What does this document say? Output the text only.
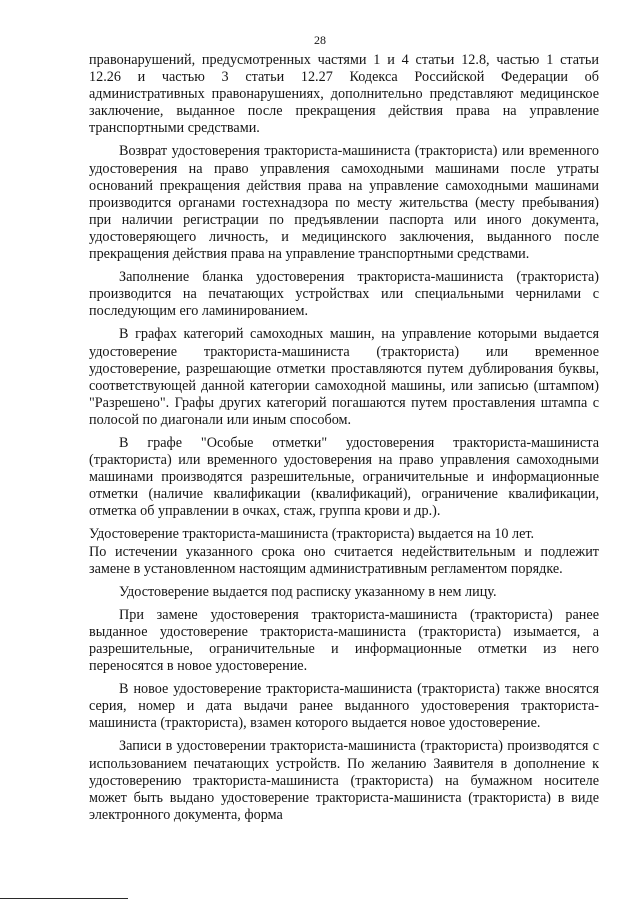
28

правонарушений, предусмотренных частями 1 и 4 статьи 12.8, частью 1 статьи 12.26 и частью 3 статьи 12.27 Кодекса Российской Федерации об административных правонарушениях, дополнительно представляют медицинское заключение, выданное после прекращения действия права на управление транспортными средствами.

Возврат удостоверения тракториста-машиниста (тракториста) или временного удостоверения на право управления самоходными машинами после утраты оснований прекращения действия права на управление самоходными машинами производится органами гостехнадзора по месту жительства (месту пребывания) при наличии регистрации по предъявлении паспорта или иного документа, удостоверяющего личность, и медицинского заключения, выданного после прекращения действия права на управление транспортными средствами.

Заполнение бланка удостоверения тракториста-машиниста (тракториста) производится на печатающих устройствах или специальными чернилами с последующим его ламинированием.

В графах категорий самоходных машин, на управление которыми выдается удостоверение тракториста-машиниста (тракториста) или временное удостоверение, разрешающие отметки проставляются путем дублирования буквы, соответствующей данной категории самоходной машины, или записью (штампом) "Разрешено". Графы других категорий погашаются путем проставления штампа с полосой по диагонали или иным способом.

В графе "Особые отметки" удостоверения тракториста-машиниста (тракториста) или временного удостоверения на право управления самоходными машинами производятся разрешительные, ограничительные и информационные отметки (наличие квалификации (квалификаций), ограничение квалификации, отметка об управлении в очках, стаж, группа крови и др.).

Удостоверение тракториста-машиниста (тракториста) выдается на 10 лет.

По истечении указанного срока оно считается недействительным и подлежит замене в установленном настоящим административным регламентом порядке.

Удостоверение выдается под расписку указанному в нем лицу.

При замене удостоверения тракториста-машиниста (тракториста) ранее выданное удостоверение тракториста-машиниста (тракториста) изымается, а разрешительные, ограничительные и информационные отметки из него переносятся в новое удостоверение.

В новое удостоверение тракториста-машиниста (тракториста) также вносятся серия, номер и дата выдачи ранее выданного удостоверения тракториста-машиниста (тракториста), взамен которого выдается новое удостоверение.

Записи в удостоверении тракториста-машиниста (тракториста) производятся с использованием печатающих устройств. По желанию Заявителя в дополнение к удостоверению тракториста-машиниста (тракториста) на бумажном носителе может быть выдано удостоверение тракториста-машиниста (тракториста) в виде электронного документа, форма
